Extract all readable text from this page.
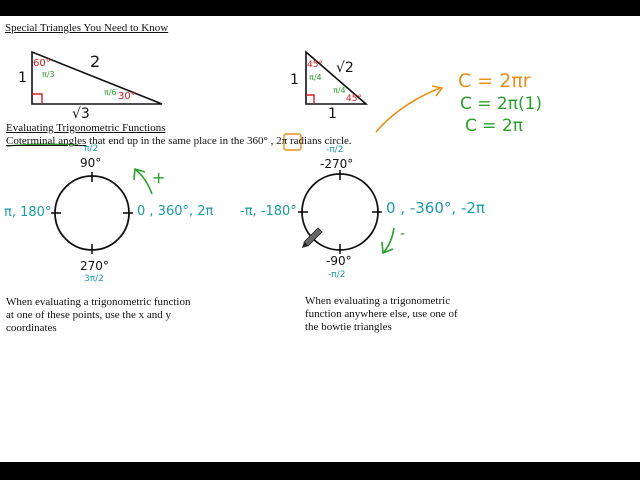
Special Triangles You Need to Know
Evaluating Trigonometric Functions
Coterminal angles that end up in the same place in the 360° , 2π radians circle.
2
1
√3
60°
30°
π/3
π/6
√2
1
1
45°
45°
π/4
π/4	C = 2πr
C = 2π(1)
C = 2π
π/2
90°
π, 180°	0 , 360°, 2π
270°
3π/2
+
-π/2
-270°
-π, -180°	0 , -360°, -2π
-90°
-π/2
-
When evaluating a trigonometric function
at one of these points, use the x and y
coordinates
When evaluating a trigonometric
function anywhere else, use one of
the bowtie triangles
